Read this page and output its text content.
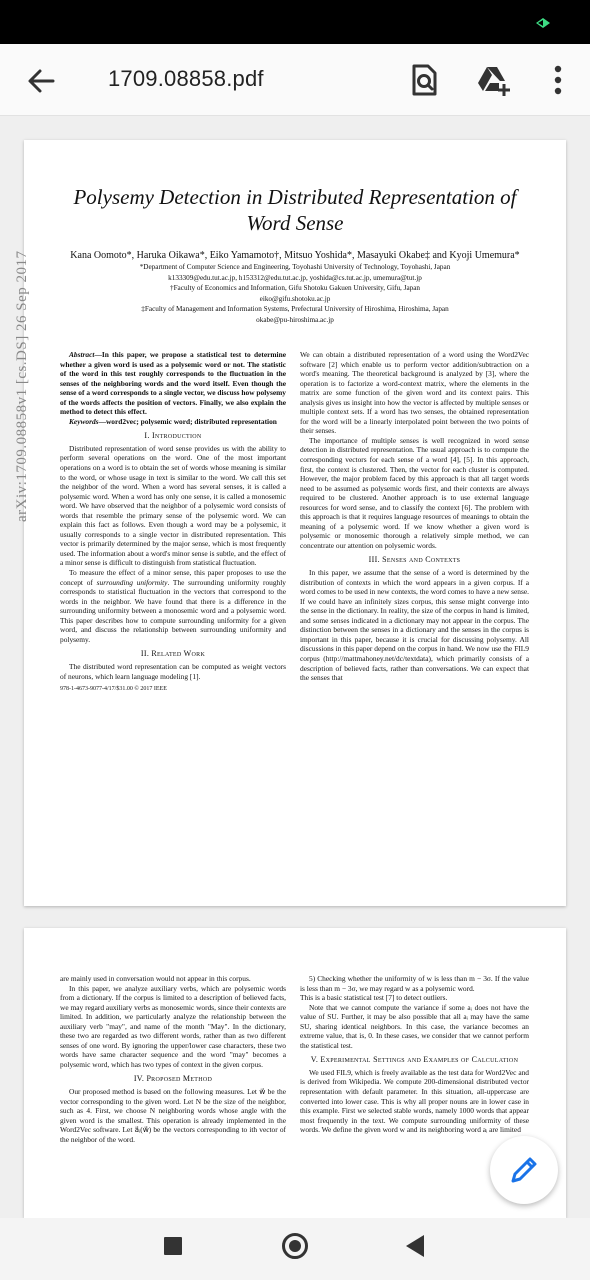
1709.08858.pdf
arXiv:1709.08858v1 [cs.DS] 26 Sep 2017
Polysemy Detection in Distributed Representation of Word Sense
Kana Oomoto*, Haruka Oikawa*, Eiko Yamamoto†, Mitsuo Yoshida*, Masayuki Okabe‡ and Kyoji Umemura*
*Department of Computer Science and Engineering, Toyohashi University of Technology, Toyohashi, Japan
k133309@edu.tut.ac.jp, h153312@edu.tut.ac.jp, yoshida@cs.tut.ac.jp, umemura@tut.jp
†Faculty of Economics and Information, Gifu Shotoku Gakuen University, Gifu, Japan
eiko@gifu.shotoku.ac.jp
‡Faculty of Management and Information Systems, Prefectural University of Hiroshima, Hiroshima, Japan
okabe@pu-hiroshima.ac.jp

Abstract—In this paper, we propose a statistical test to determine whether a given word is used as a polysemic word or not. The statistic of the word in this test roughly corresponds to the fluctuation in the senses of the neighboring words and the word itself. Even though the sense of a word corresponds to a single vector, we discuss how polysemy of the words affects the position of vectors. Finally, we also explain the method to detect this effect.

Keywords—word2vec; polysemic word; distributed representation

I. Introduction

Distributed representation of word sense provides us with the ability to perform several operations on the word. One of the most important operations on a word is to obtain the set of words whose meaning is similar to the word, or whose usage in text is similar to the word. We call this set the neighbor of the word. When a word has several senses, it is called a polysemic word. When a word has only one sense, it is called a monosemic word. We have observed that the neighbor of a polysemic word consists of words that resemble the primary sense of the polysemic word. We can explain this fact as follows. Even though a word may be a polysemic, it usually corresponds to a single vector in distributed representation. This vector is primarily determined by the major sense, which is most frequently used. The information about a word's minor sense is subtle, and the effect of a minor sense is difficult to distinguish from statistical fluctuation.

To measure the effect of a minor sense, this paper proposes to use the concept of surrounding uniformity. The surrounding uniformity roughly corresponds to statistical fluctuation in the vectors that correspond to the words in the neighbor. We have found that there is a difference in the surrounding uniformity between a monosemic word and a polysemic word. This paper describes how to compute surrounding uniformity for a given word, and discuss the relationship between surrounding uniformity and polysemy.

II. Related Work

The distributed word representation can be computed as weight vectors of neurons, which learn language modeling [1].

978-1-4673-9077-4/17/$31.00 © 2017 IEEE

We can obtain a distributed representation of a word using the Word2Vec software [2] which enable us to perform vector addition/subtraction on a word's meaning. The theoretical background is analyzed by [3], where the operation is to factorize a word-context matrix, where the elements in the matrix are some function of the given word and its context pairs. This analysis gives us insight into how the vector is affected by multiple senses or multiple context sets. If a word has two senses, the obtained representation for the word will be a linearly interpolated point between the two points of their senses.

The importance of multiple senses is well recognized in word sense detection in distributed representation. The usual approach is to compute the corresponding vectors for each sense of a word [4], [5]. In this approach, first, the context is clustered. Then, the vector for each cluster is computed. However, the major problem faced by this approach is that all target words need to be assumed as polysemic words first, and their contexts are always required to be clustered. Another approach is to use external language resources for word sense, and to classify the context [6]. The problem with this approach is that it requires language resources of meanings to obtain the meaning of a polysemic word. If we know whether a given word is polysemic or monosemic thorough a relatively simple method, we can concentrate our attention on polysemic words.

III. Senses and Contexts

In this paper, we assume that the sense of a word is determined by the distribution of contexts in which the word appears in a given corpus. If a word comes to be used in new contexts, the word comes to have a new sense. If we could have an infinitely sizes corpus, this sense might converge into the sense in the dictionary. In reality, the size of the corpus in hand is limited, and some senses indicated in a dictionary may not appear in the corpus. The distinction between the senses in a dictionary and the senses in the corpus is important in this paper, because it is crucial for discussing polysemy. All discussions in this paper depend on the corpus in hand. We now use the FIL9 corpus (http://mattmahoney.net/dc/textdata), which primarily consists of a description of believed facts, rather than conversations. We can expect that the senses that

are mainly used in conversation would not appear in this corpus.

In this paper, we analyze auxiliary verbs, which are polysemic words from a dictionary. If the corpus is limited to a description of believed facts, we may regard auxiliary verbs as monosemic words, since their contexts are limited. In addition, we particularly analyze the relationship between the auxiliary verb "may", and name of the month "May". In the dictionary, these two are regarded as two different words, rather than as two different senses of one word. By ignoring the upper/lower case characters, these two words have same character sequence and the word "may" becomes a polysemic word, which has two types of context in the given corpus.

IV. Proposed Method

Our proposed method is based on the following measures. Let w⃗ be the vector corresponding to the given word. Let N be the size of the neighbor, such as 4. First, we choose N neighboring words whose angle with the given word is the smallest. This operation is already implemented in the Word2Vec software. Let a⃗ᵢ(w⃗) be the vectors corresponding to ith vector of the neighbor of the word.

5) Checking whether the uniformity of w is less than m − 3σ. If the value is less than m − 3σ, we may regard w as a polysemic word.

This is a basic statistical test [7] to detect outliers.

Note that we cannot compute the variance if some aᵢ does not have the value of SU. Further, it may be also possible that all aᵢ may have the same SU, sharing identical neighbors. In this case, the variance becomes an extreme value, that is, 0. In these cases, we consider that we cannot perform the statistical test.

V. Experimental Settings and Examples of Calculation

We used FIL9, which is freely available as the test data for Word2Vec and is derived from Wikipedia. We compute 200-dimensional distributed vector representation with default parameter. In this situation, all-uppercase are converted into lower case. This is why all proper nouns are in lower case in this example. First we selected stable words, namely 1000 words that appear most frequently in the text. We compute surrounding uniformity of these words. We define the given word w and its neighboring word aᵢ are limited
